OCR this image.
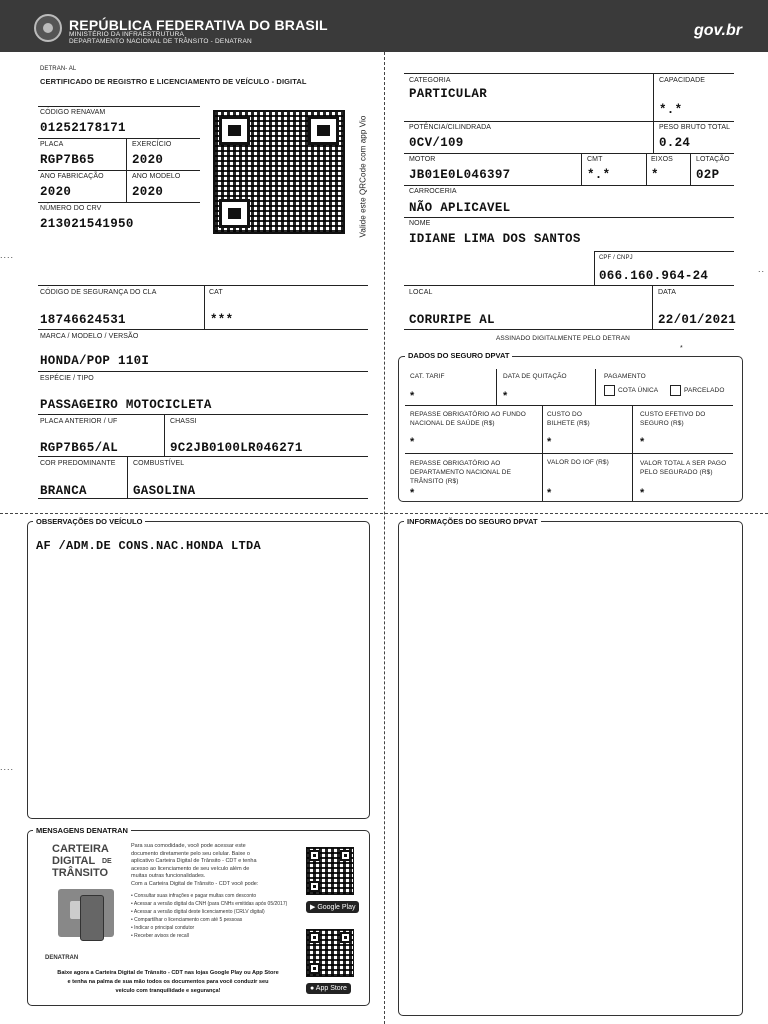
REPÚBLICA FEDERATIVA DO BRASIL
MINISTÉRIO DA INFRAESTRUTURA
DEPARTAMENTO NACIONAL DE TRÂNSITO - DENATRAN
gov.br
....
..
....
DETRAN- AL
CERTIFICADO DE REGISTRO E LICENCIAMENTO DE VEÍCULO - DIGITAL
CÓDIGO RENAVAM
01252178171
PLACA
RGP7B65
EXERCÍCIO
2020
ANO FABRICAÇÃO
2020
ANO MODELO
2020
NÚMERO DO CRV
213021541950	Valide este QRCode com app Vio
CÓDIGO DE SEGURANÇA DO CLA
18746624531
CAT
***
MARCA / MODELO / VERSÃO
HONDA/POP 110I
ESPÉCIE / TIPO
PASSAGEIRO MOTOCICLETA
PLACA ANTERIOR / UF
RGP7B65/AL
CHASSI
9C2JB0100LR046271
COR PREDOMINANTE
BRANCA
COMBUSTÍVEL
GASOLINA
CATEGORIA
PARTICULAR
CAPACIDADE
*.*
POTÊNCIA/CILINDRADA
0CV/109
PESO BRUTO TOTAL
0.24
MOTOR
JB01E0L046397
CMT
*.*
EIXOS
*
LOTAÇÃO
02P
CARROCERIA
NÃO APLICAVEL
NOME
IDIANE LIMA DOS SANTOS
CPF / CNPJ
066.160.964-24
LOCAL
CORURIPE AL
DATA
22/01/2021
ASSINADO DIGITALMENTE PELO DETRAN
*
DADOS DO SEGURO DPVAT
CAT. TARIF
*
DATA DE QUITAÇÃO
*
PAGAMENTO
COTA ÚNICA	PARCELADO
REPASSE OBRIGATÓRIO AO FUNDO NACIONAL DE SAÚDE (R$)
*
CUSTO DO BILHETE (R$)
*
CUSTO EFETIVO DO SEGURO (R$)
*
REPASSE OBRIGATÓRIO AO DEPARTAMENTO NACIONAL DE TRÂNSITO (R$)
*
VALOR DO IOF (R$)
*
VALOR TOTAL A SER PAGO PELO SEGURADO (R$)
*
OBSERVAÇÕES DO VEÍCULO
AF /ADM.DE CONS.NAC.HONDA LTDA
INFORMAÇÕES DO SEGURO DPVAT
MENSAGENS DENATRAN
CARTEIRA
DIGITAL DE
TRÂNSITO
DENATRAN
Para sua comodidade, você pode acessar este
documento diretamente pelo seu celular. Baixe o
aplicativo Carteira Digital de Trânsito - CDT e tenha
acesso ao licenciamento de seu veículo além de
muitas outras funcionalidades.
Com a Carteira Digital de Trânsito - CDT você pode:
• Consultar suas infrações e pagar multas com desconto
• Acessar a versão digital da CNH (para CNHs emitidas após 05/2017)
• Acessar a versão digital deste licenciamento (CRLV digital)
• Compartilhar o licenciamento com até 5 pessoas
• Indicar o principal condutor
• Receber avisos de recall
▶ Google Play
● App Store
Baixe agora a Carteira Digital de Trânsito - CDT nas lojas Google Play ou App Store
e tenha na palma de sua mão todos os documentos para você conduzir seu
veículo com tranquilidade e segurança!
